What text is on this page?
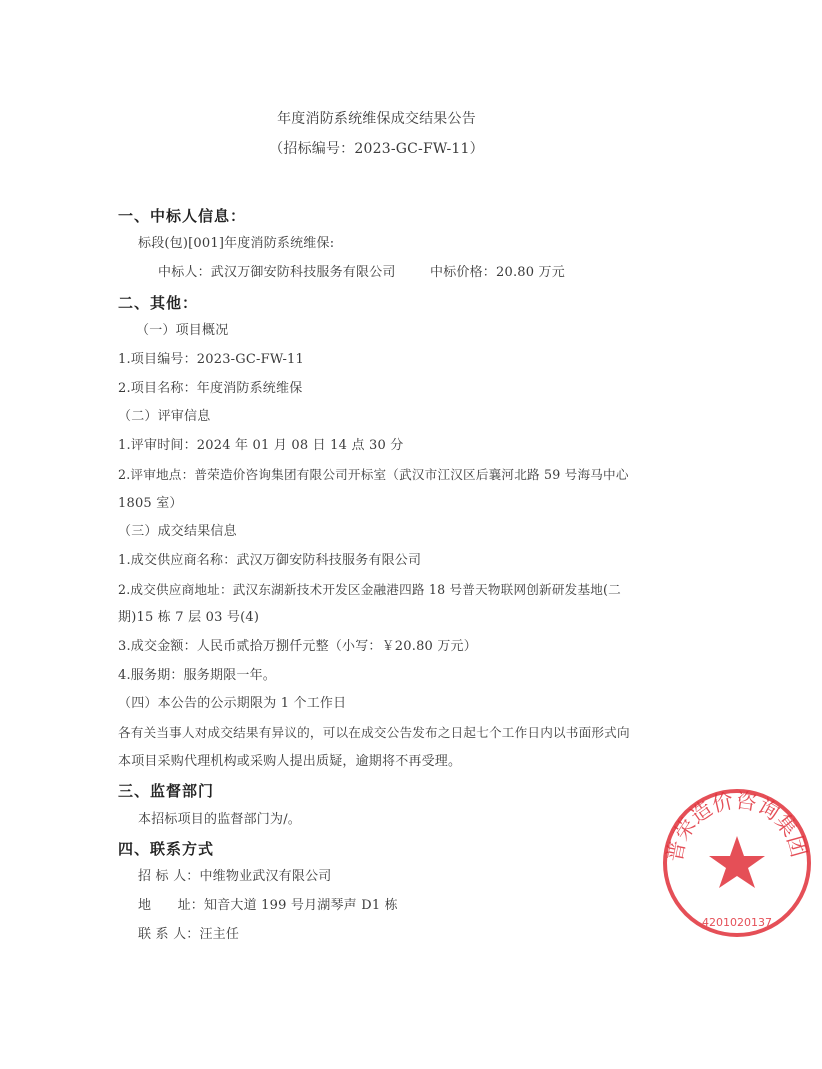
年度消防系统维保成交结果公告
（招标编号：2023-GC-FW-11）
一、中标人信息：
标段(包)[001]年度消防系统维保:
中标人：武汉万御安防科技服务有限公司	中标价格：20.80 万元
二、其他：
（一）项目概况
1.项目编号：2023-GC-FW-11
2.项目名称：年度消防系统维保
（二）评审信息
1.评审时间：2024 年 01 月 08 日 14 点 30 分
2.评审地点：普荣造价咨询集团有限公司开标室（武汉市江汉区后襄河北路 59 号海马中心
1805 室）
（三）成交结果信息
1.成交供应商名称：武汉万御安防科技服务有限公司
2.成交供应商地址：武汉东湖新技术开发区金融港四路 18 号普天物联网创新研发基地(二
期)15 栋 7 层 03 号(4)
3.成交金额：人民币贰拾万捌仟元整（小写：￥20.80 万元）
4.服务期：服务期限一年。
（四）本公告的公示期限为 1 个工作日
各有关当事人对成交结果有异议的，可以在成交公告发布之日起七个工作日内以书面形式向
本项目采购代理机构或采购人提出质疑，逾期将不再受理。
三、监督部门
本招标项目的监督部门为/。
四、联系方式
招 标 人：中维物业武汉有限公司
地　　址：知音大道 199 号月湖琴声 D1 栋
联 系 人：汪主任
普荣造价咨询集团
4201020137
